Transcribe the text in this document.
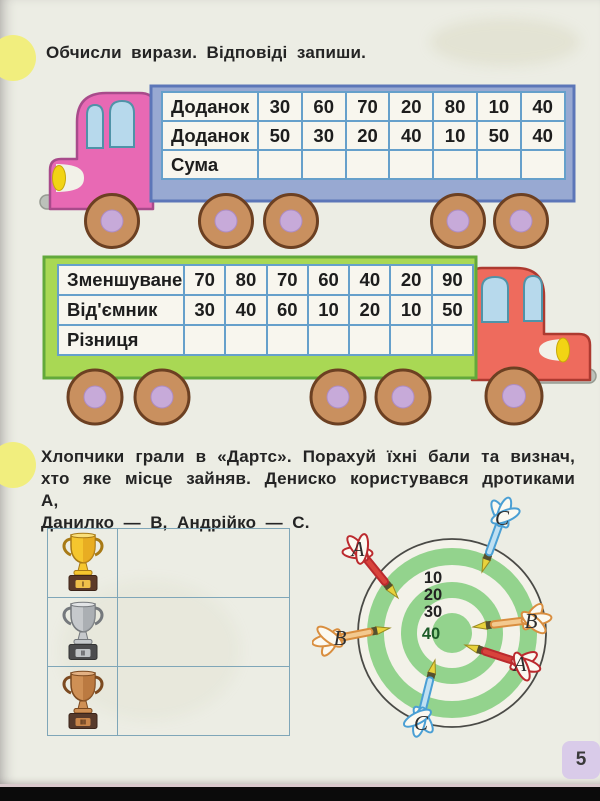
Обчисли вирази. Відповіді запиши.
Доданок	30	60	70	20	80	10	40
Доданок	50	30	20	40	10	50	40
Сума							
Зменшуване	70	80	70	60	40	20	90
Від'ємник	30	40	60	10	20	10	50
Різниця							
Хлопчики грали в «Дартс». Порахуй їхні бали та визнач,
хто яке місце зайняв. Дениско користувався дротиками А,
Данилко — В, Андрійко — С.
I	

II	

III	

10
20
30
40
A
C
B
B
A
C
5
